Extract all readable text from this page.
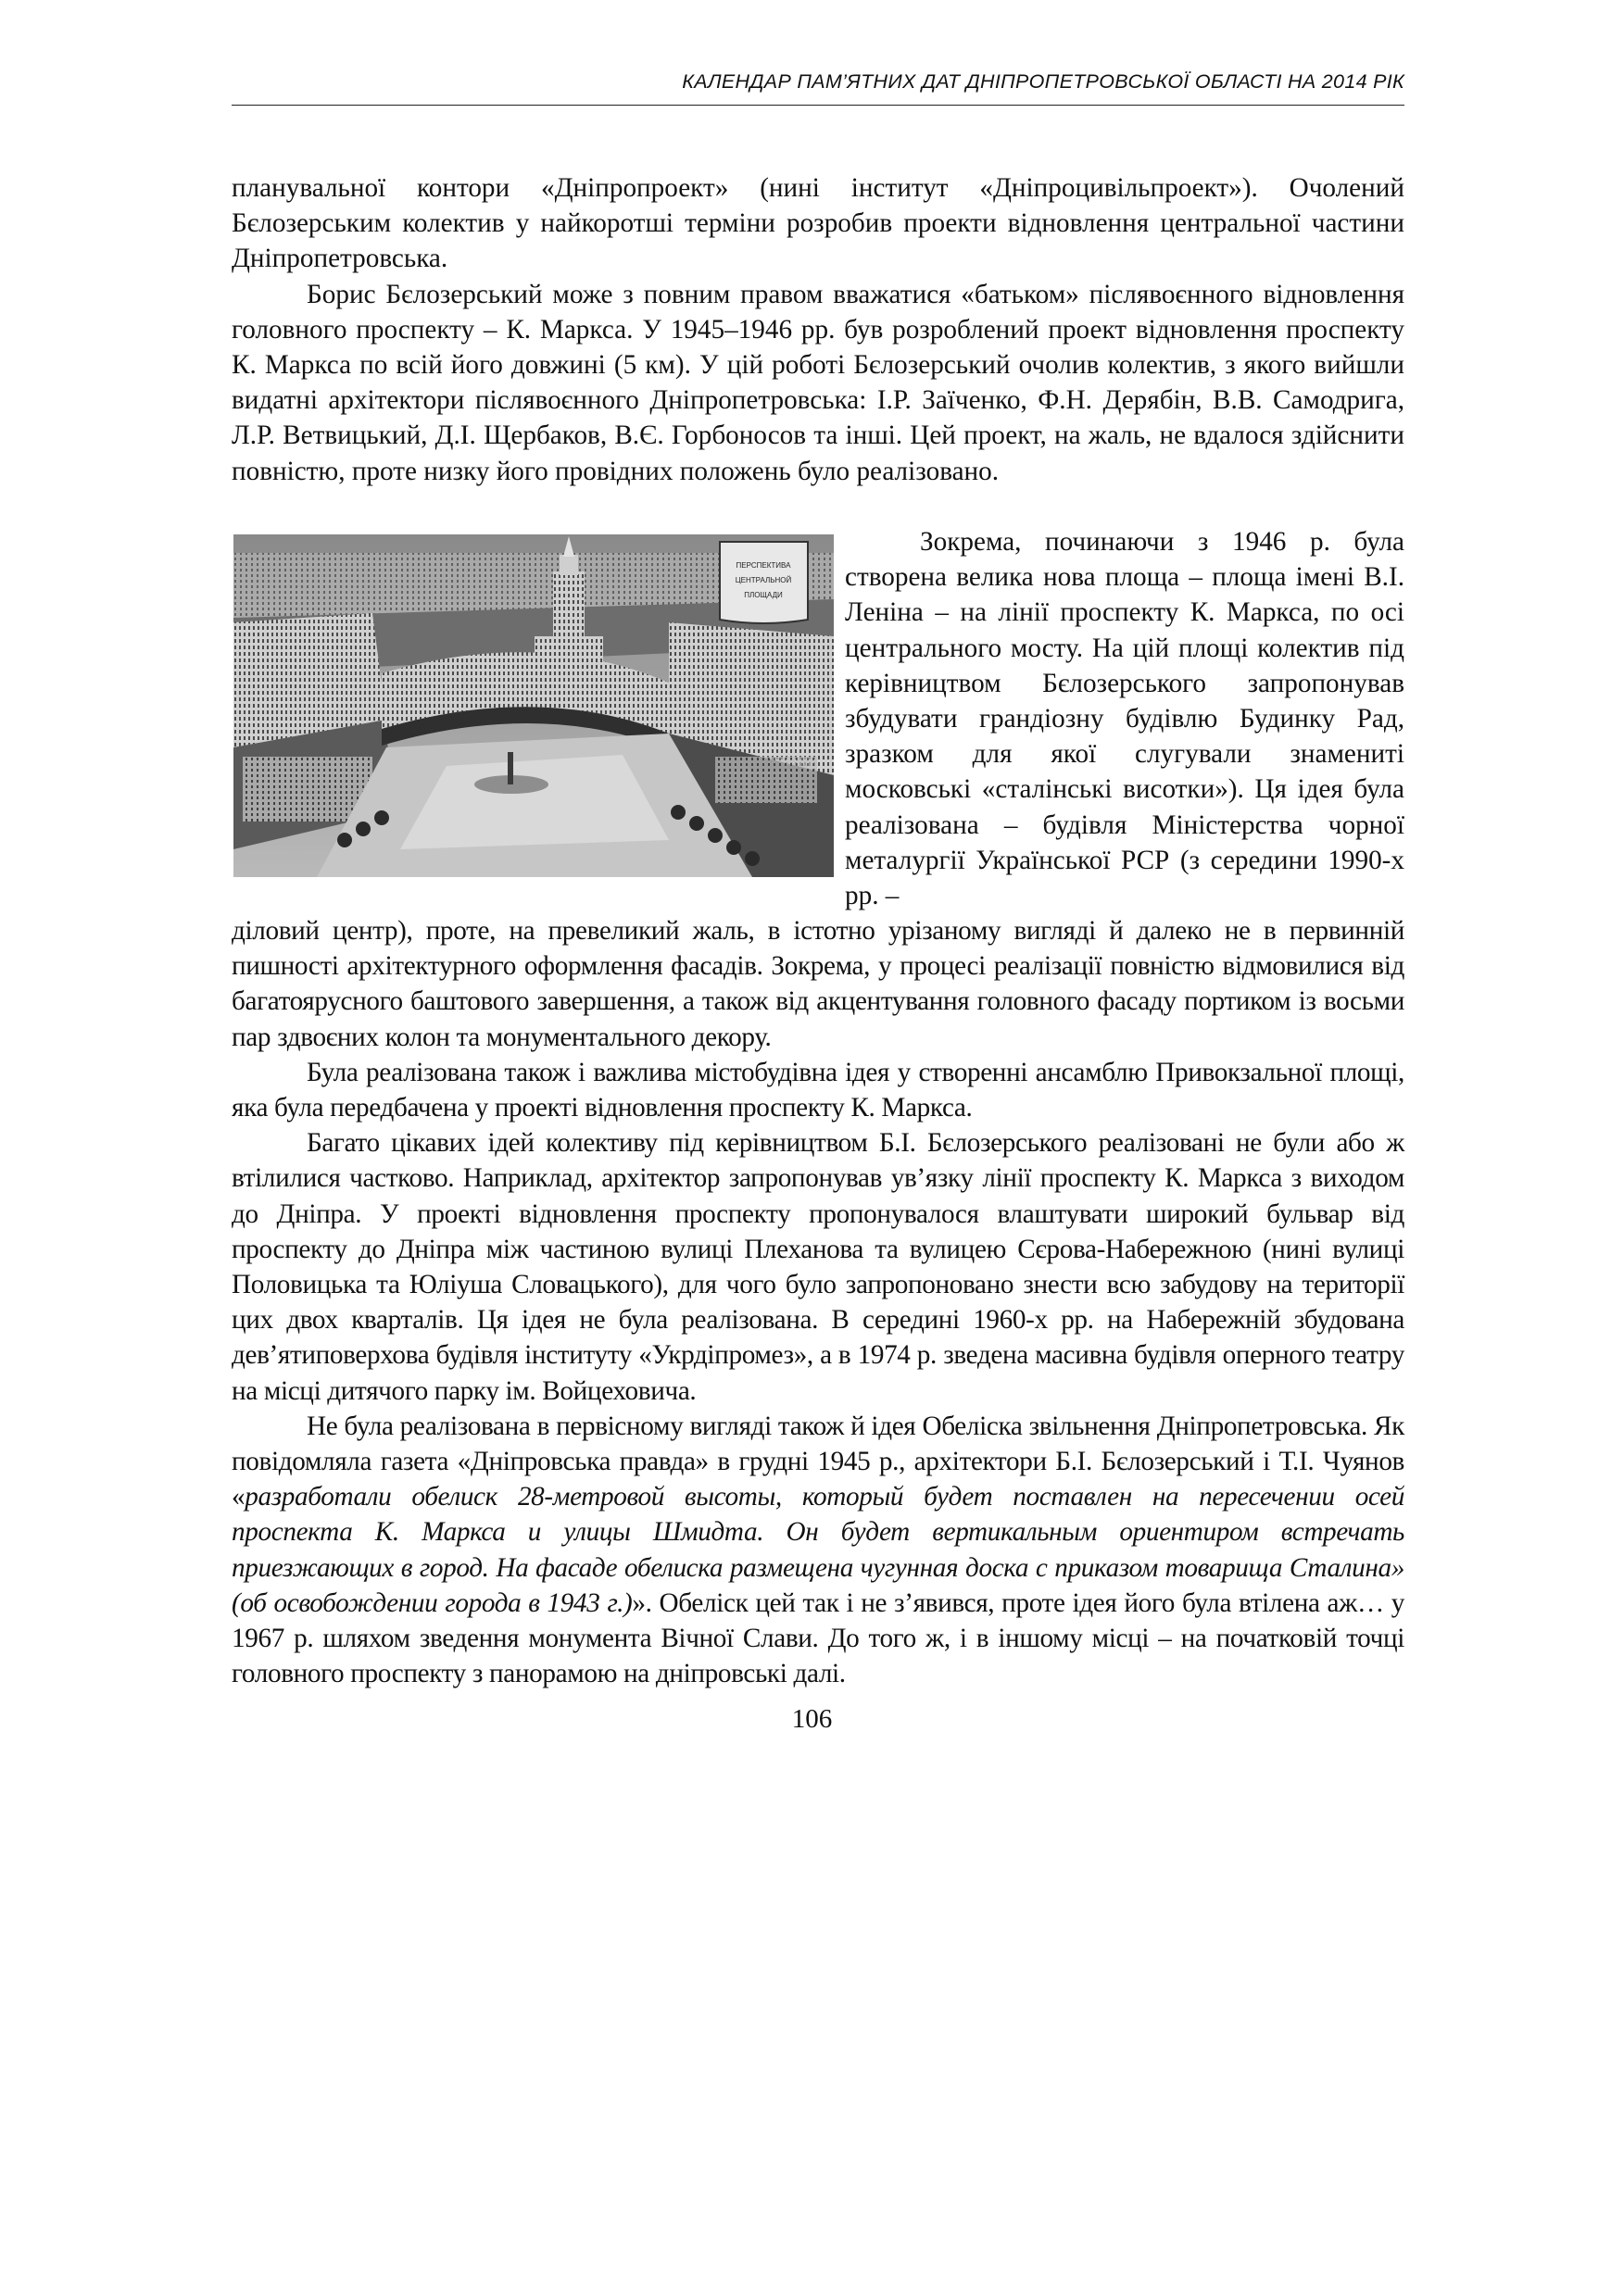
КАЛЕНДАР ПАМ’ЯТНИХ ДАТ ДНІПРОПЕТРОВСЬКОЇ ОБЛАСТІ НА 2014 РІК

планувальної контори «Дніпропроект» (нині інститут «Дніпроцивільпроект»). Очолений Бєлозерським колектив у найкоротші терміни розробив проекти відновлення центральної частини Дніпропетровська.

Борис Бєлозерський може з повним правом вважатися «батьком» післявоєнного відновлення головного проспекту – К. Маркса. У 1945–1946 рр. був розроблений проект відновлення проспекту К. Маркса по всій його довжині (5 км). У цій роботі Бєлозерський очолив колектив, з якого вийшли видатні архітектори післявоєнного Дніпропетровська: І.Р. Заїченко, Ф.Н. Дерябін, В.В. Самодрига, Л.Р. Ветвицький, Д.І. Щербаков, В.Є. Горбоносов та інші. Цей проект, на жаль, не вдалося здійснити повністю, проте низку його провідних положень було реалізовано.

ПЕРСПЕКТИВА
ЦЕНТРАЛЬНОЙ
ПЛОЩАДИ

Зокрема, починаючи з 1946 р. була створена велика нова площа – площа імені В.І. Леніна – на лінії проспекту К. Маркса, по осі центрального мосту. На цій площі колектив під керівництвом Бєлозерського запропонував збудувати грандіозну будівлю Будинку Рад, зразком для якої слугували знамениті московські «сталінські висотки»). Ця ідея була реалізована – будівля Міністерства чорної металургії Української РСР (з середини 1990-х рр. –

діловий центр), проте, на превеликий жаль, в істотно урізаному вигляді й далеко не в первинній пишності архітектурного оформлення фасадів. Зокрема, у процесі реалізації повністю відмовилися від багатоярусного баштового завершення, а також від акцентування головного фасаду портиком із восьми пар здвоєних колон та монументального декору.

Була реалізована також і важлива містобудівна ідея у створенні ансамблю Привокзальної площі, яка була передбачена у проекті відновлення проспекту К. Маркса.

Багато цікавих ідей колективу під керівництвом Б.І. Бєлозерського реалізовані не були або ж втілилися частково. Наприклад, архітектор запропонував ув’язку лінії проспекту К. Маркса з виходом до Дніпра. У проекті відновлення проспекту пропонувалося влаштувати широкий бульвар від проспекту до Дніпра між частиною вулиці Плеханова та вулицею Сєрова-Набережною (нині вулиці Половицька та Юліуша Словацького), для чого було запропоновано знести всю забудову на території цих двох кварталів. Ця ідея не була реалізована. В середині 1960-х рр. на Набережній збудована дев’ятиповерхова будівля інституту «Укрдіпромез», а в 1974 р. зведена масивна будівля оперного театру на місці дитячого парку ім. Войцеховича.

Не була реалізована в первісному вигляді також й ідея Обеліска звільнення Дніпропетровська. Як повідомляла газета «Дніпровська правда» в грудні 1945 р., архітектори Б.І. Бєлозерський і Т.І. Чуянов «разработали обелиск 28-метровой высоты, который будет поставлен на пересечении осей проспекта К. Маркса и улицы Шмидта. Он будет вертикальным ориентиром встречать приезжающих в город. На фасаде обелиска размещена чугунная доска с приказом товарища Сталина» (об освобождении города в 1943 г.)». Обеліск цей так і не з’явився, проте ідея його була втілена аж… у 1967 р. шляхом зведення монумента Вічної Слави. До того ж, і в іншому місці – на початковій точці головного проспекту з панорамою на дніпровські далі.

106
